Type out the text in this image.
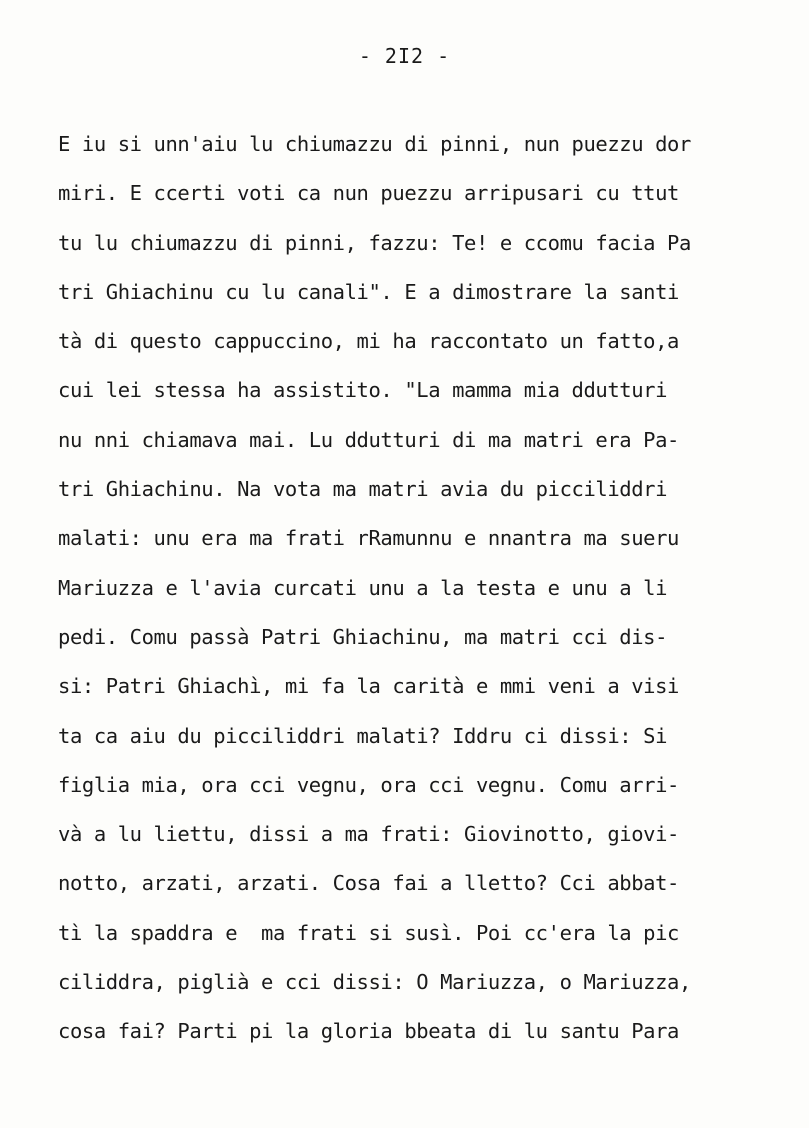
- 2I2 -
E iu si unn'aiu lu chiumazzu di pinni, nun puezzu dor
miri. E ccerti voti ca nun puezzu arripusari cu ttut
tu lu chiumazzu di pinni, fazzu: Te! e ccomu facia Pa
tri Ghiachinu cu lu canali". E a dimostrare la santi
tà di questo cappuccino, mi ha raccontato un fatto,a
cui lei stessa ha assistito. "La mamma mia ddutturi
nu nni chiamava mai. Lu ddutturi di ma matri era Pa-
tri Ghiachinu. Na vota ma matri avia du picciliddri
malati: unu era ma frati rRamunnu e nnantra ma sueru
Mariuzza e l'avia curcati unu a la testa e unu a li
pedi. Comu passà Patri Ghiachinu, ma matri cci dis-
si: Patri Ghiachì, mi fa la carità e mmi veni a visi
ta ca aiu du picciliddri malati? Iddru ci dissi: Si
figlia mia, ora cci vegnu, ora cci vegnu. Comu arri-
và a lu liettu, dissi a ma frati: Giovinotto, giovi-
notto, arzati, arzati. Cosa fai a lletto? Cci abbat-
tì la spaddra e  ma frati si susì. Poi cc'era la pic
ciliddra, piglià e cci dissi: O Mariuzza, o Mariuzza,
cosa fai? Parti pi la gloria bbeata di lu santu Para
